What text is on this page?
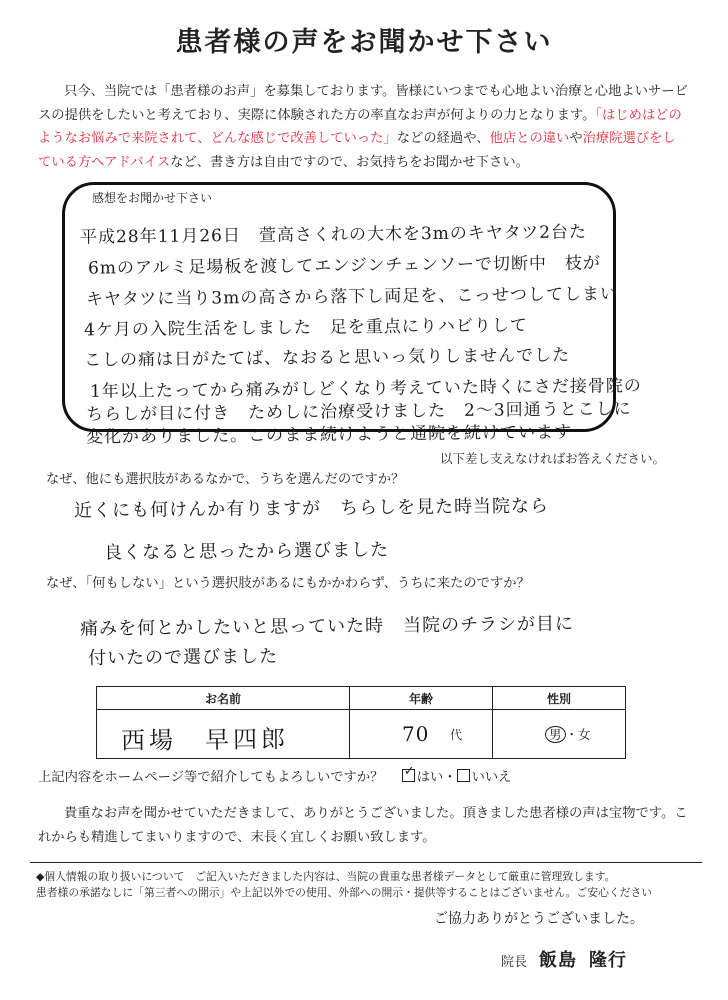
患者様の声をお聞かせ下さい
只今、当院では「患者様のお声」を募集しております。皆様にいつまでも心地よい治療と心地よいサービスの提供をしたいと考えており、実際に体験された方の率直なお声が何よりの力となります。「はじめはどのようなお悩みで来院されて、どんな感じで改善していった」などの経過や、他店との違いや治療院選びをしている方へアドバイスなど、書き方は自由ですので、お気持ちをお聞かせ下さい。
感想をお聞かせ下さい
平成28年11月26日　萱高さくれの大木を3mのキヤタツ2台た
6mのアルミ足場板を渡してエンジンチェンソーで切断中　枝が
キヤタツに当り3mの高さから落下し両足を、こっせつしてしまい
4ケ月の入院生活をしました　足を重点にりハビりして
こしの痛は日がたてば、なおると思いっ気りしませんでした
1年以上たってから痛みがしどくなり考えていた時くにさだ接骨院の
ちらしが目に付き　ためしに治療受けました　2～3回通うとこしに
変化がありました。このまま続けようと通院を続けています
以下差し支えなければお答えください。
なぜ、他にも選択肢があるなかで、うちを選んだのですか？
近くにも何けんか有りますが　ちらしを見た時当院なら
良くなると思ったから選びました
なぜ、「何もしない」という選択肢があるにもかかわらず、うちに来たのですか？
痛みを何とかしたいと思っていた時　当院のチラシが目に
付いたので選びました
お名前	年齢	性別

西場　早四郎	70 代	男 ・女
上記内容をホームページ等で紹介してもよろしいですか？ ✓ はい・ いいえ
貴重なお声を聞かせていただきまして、ありがとうございました。頂きました患者様の声は宝物です。これからも精進してまいりますので、末長く宜しくお願い致します。
◆個人情報の取り扱いについて　ご記入いただきました内容は、当院の貴重な患者様データとして厳重に管理致します。
患者様の承諾なしに「第三者への開示」や上記以外での使用、外部への開示・提供等することはございません。ご安心ください
ご協力ありがとうございました。
院長 飯島 隆行
